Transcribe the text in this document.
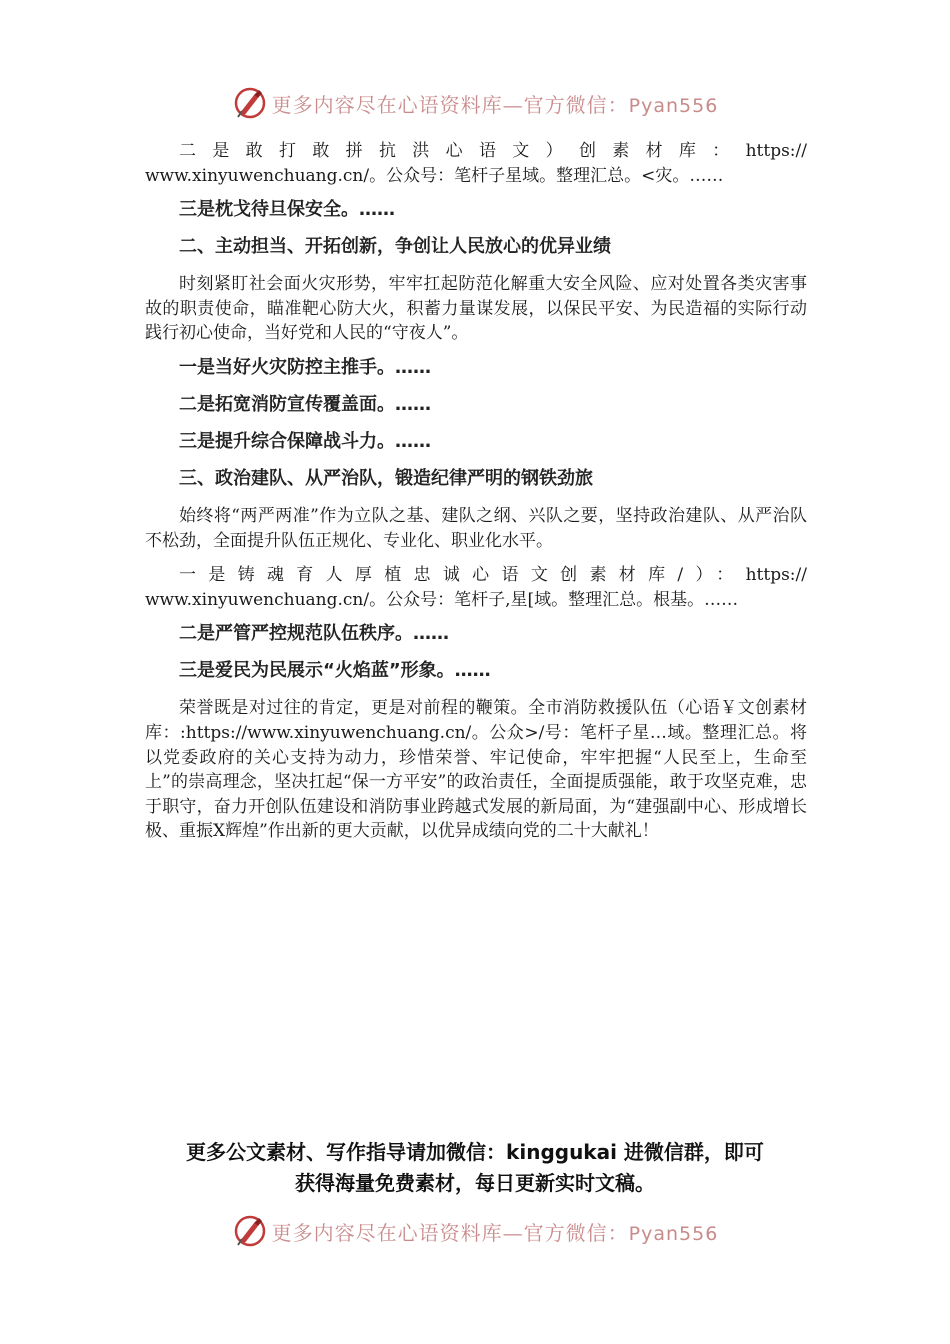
更多内容尽在心语资料库—官方微信：Pyan556

二是敢打敢拼抗洪心语文）创素材库：https://

www.xinyuwenchuang.cn/。公众号：笔杆子星域。整理汇总。<灾。……

三是枕戈待旦保安全。……

二、主动担当、开拓创新，争创让人民放心的优异业绩

时刻紧盯社会面火灾形势，牢牢扛起防范化解重大安全风险、应对处置各类灾害事故的职责使命，瞄准靶心防大火，积蓄力量谋发展，以保民平安、为民造福的实际行动践行初心使命，当好党和人民的“守夜人”。

一是当好火灾防控主推手。……

二是拓宽消防宣传覆盖面。……

三是提升综合保障战斗力。……

三、政治建队、从严治队，锻造纪律严明的钢铁劲旅

始终将“两严两准”作为立队之基、建队之纲、兴队之要，坚持政治建队、从严治队不松劲，全面提升队伍正规化、专业化、职业化水平。

一是铸魂育人厚植忠诚心语文创素材库/）：https://

www.xinyuwenchuang.cn/。公众号：笔杆子,星[域。整理汇总。根基。……

二是严管严控规范队伍秩序。……

三是爱民为民展示“火焰蓝”形象。……

荣誉既是对过往的肯定，更是对前程的鞭策。全市消防救援队伍（心语￥文创素材库：:https://www.xinyuwenchuang.cn/。公众>/号：笔杆子星…域。整理汇总。将以党委政府的关心支持为动力，珍惜荣誉、牢记使命，牢牢把握“人民至上，生命至上”的崇高理念，坚决扛起“保一方平安”的政治责任，全面提质强能，敢于攻坚克难，忠于职守，奋力开创队伍建设和消防事业跨越式发展的新局面，为“建强副中心、形成增长极、重振Ⅹ辉煌”作出新的更大贡献，以优异成绩向党的二十大献礼！

更多公文素材、写作指导请加微信：kinggukai 进微信群，即可
获得海量免费素材，每日更新实时文稿。
更多内容尽在心语资料库—官方微信：Pyan556
